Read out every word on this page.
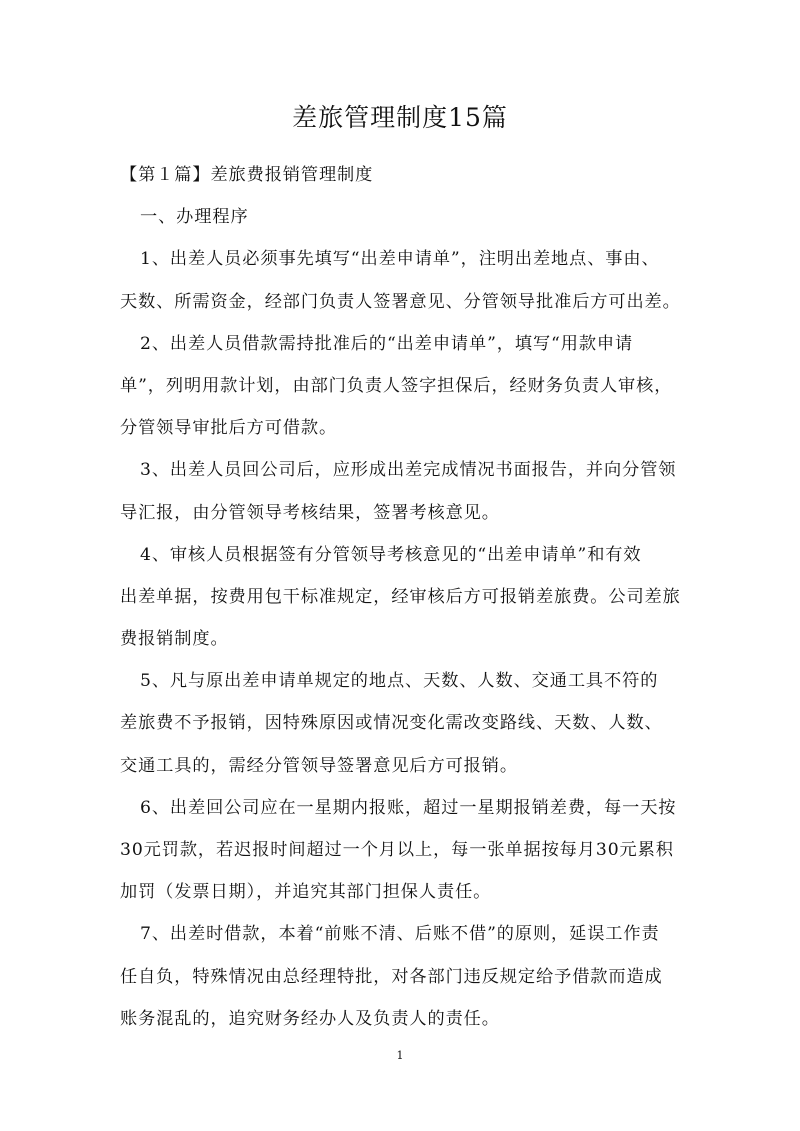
差旅管理制度15篇
【第１篇】差旅费报销管理制度
一、办理程序
1、出差人员必须事先填写“出差申请单”，注明出差地点、事由、
天数、所需资金，经部门负责人签署意见、分管领导批准后方可出差。
2、出差人员借款需持批准后的“出差申请单”，填写“用款申请
单”，列明用款计划，由部门负责人签字担保后，经财务负责人审核，
分管领导审批后方可借款。
3、出差人员回公司后，应形成出差完成情况书面报告，并向分管领
导汇报，由分管领导考核结果，签署考核意见。
4、审核人员根据签有分管领导考核意见的“出差申请单”和有效
出差单据，按费用包干标准规定，经审核后方可报销差旅费。公司差旅
费报销制度。
5、凡与原出差申请单规定的地点、天数、人数、交通工具不符的
差旅费不予报销，因特殊原因或情况变化需改变路线、天数、人数、
交通工具的，需经分管领导签署意见后方可报销。
6、出差回公司应在一星期内报账，超过一星期报销差费，每一天按
30元罚款，若迟报时间超过一个月以上，每一张单据按每月30元累积
加罚（发票日期），并追究其部门担保人责任。
7、出差时借款，本着“前账不清、后账不借”的原则，延误工作责
任自负，特殊情况由总经理特批，对各部门违反规定给予借款而造成
账务混乱的，追究财务经办人及负责人的责任。
1
